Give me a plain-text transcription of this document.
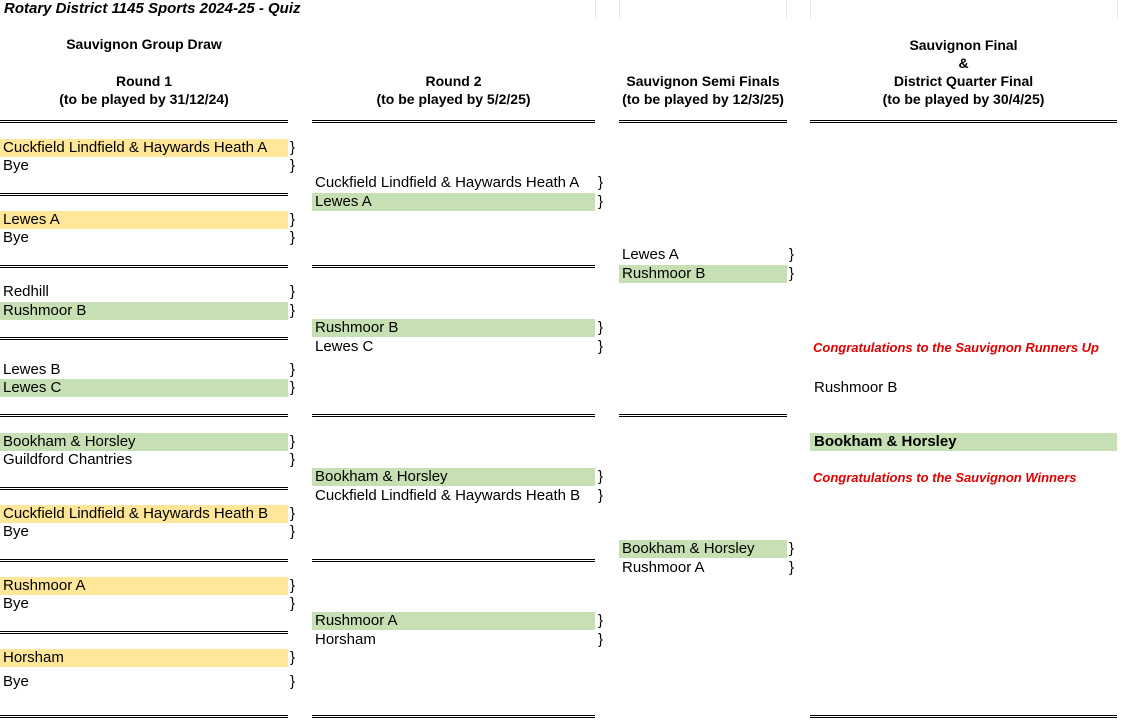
Rotary District 1145 Sports 2024-25 - Quiz
Sauvignon Group Draw
Round 1
(to be played by 31/12/24)
Round 2
(to be played by 5/2/25)
Sauvignon Semi Finals
(to be played by 12/3/25)
Sauvignon Final
&
District Quarter Final
(to be played by 30/4/25)
Cuckfield Lindfield & Haywards Heath A	}
Bye	}
Lewes A	}
Bye	}
Redhill	}
Rushmoor B	}
Lewes B	}
Lewes C	}
Bookham & Horsley	}
Guildford Chantries	}
Cuckfield Lindfield & Haywards Heath B	}
Bye	}
Rushmoor A	}
Bye	}
Horsham	}
Bye	}
Cuckfield Lindfield & Haywards Heath A	}
Lewes A	}
Rushmoor B	}
Lewes C	}
Bookham & Horsley	}
Cuckfield Lindfield & Haywards Heath B	}
Rushmoor A	}
Horsham	}
Lewes A	}
Rushmoor B	}
Bookham & Horsley	}
Rushmoor A	}
Congratulations to the Sauvignon Runners Up
Rushmoor B
Bookham & Horsley
Congratulations to the Sauvignon Winners
